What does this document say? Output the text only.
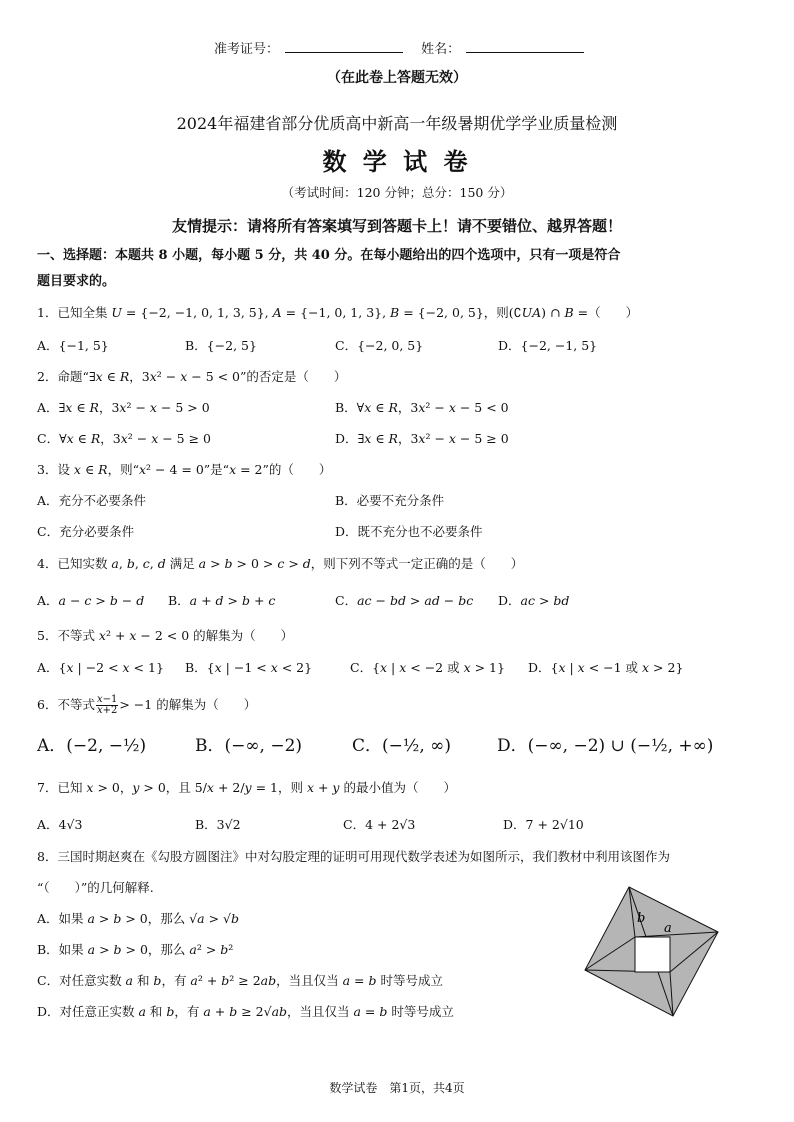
准考证号：	姓名：
（在此卷上答题无效）
2024年福建省部分优质高中新高一年级暑期优学学业质量检测
数 学 试 卷
（考试时间：120 分钟；总分：150 分）
友情提示：请将所有答案填写到答题卡上！请不要错位、越界答题！
一、选择题：本题共 8 小题，每小题 5 分，共 40 分。在每小题给出的四个选项中，只有一项是符合
题目要求的。
1．已知全集 𝑈 = {−2, −1, 0, 1, 3, 5}, 𝐴 = {−1, 0, 1, 3}, 𝐵 = {−2, 0, 5}，则(∁𝑈𝐴) ∩ 𝐵 =（　　）
A．{−1, 5}	B．{−2, 5}	C．{−2, 0, 5}	D．{−2, −1, 5}
2．命题“∃𝑥 ∈ 𝑅，3𝑥² − 𝑥 − 5 < 0”的否定是（　　）
A．∃𝑥 ∈ 𝑅，3𝑥² − 𝑥 − 5 > 0	B．∀𝑥 ∈ 𝑅，3𝑥² − 𝑥 − 5 < 0
C．∀𝑥 ∈ 𝑅，3𝑥² − 𝑥 − 5 ≥ 0	D．∃𝑥 ∈ 𝑅，3𝑥² − 𝑥 − 5 ≥ 0
3．设 𝑥 ∈ 𝑅，则“𝑥² − 4 = 0”是“𝑥 = 2”的（　　）
A．充分不必要条件	B．必要不充分条件
C．充分必要条件	D．既不充分也不必要条件
4．已知实数 𝑎, 𝑏, 𝑐, 𝑑 满足 𝑎 > 𝑏 > 0 > 𝑐 > 𝑑，则下列不等式一定正确的是（　　）
A．𝑎 − 𝑐 > 𝑏 − 𝑑 B．𝑎 + 𝑑 > 𝑏 + 𝑐	C．𝑎𝑐 − 𝑏𝑑 > 𝑎𝑑 − 𝑏𝑐 D．𝑎𝑐 > 𝑏𝑑
5．不等式 𝑥² + 𝑥 − 2 < 0 的解集为（　　）
A．{𝑥 | −2 < 𝑥 < 1} B．{𝑥 | −1 < 𝑥 < 2}	C．{𝑥 | 𝑥 < −2 或 𝑥 > 1} D．{𝑥 | 𝑥 < −1 或 𝑥 > 2}
6．不等式 $\frac{\text{𝑥−1}}{\text{𝑥+2}} > -1$ 的解集为（　　）
A．(−2, −½)	B．(−∞, −2)	C．(−½, ∞)	D．(−∞, −2) ∪ (−½, +∞)
7．已知 𝑥 > 0，𝑦 > 0，且 5/𝑥 + 2/𝑦 = 1，则 𝑥 + 𝑦 的最小值为（　　）
A．4√3	B．3√2	C．4 + 2√3	D．7 + 2√10
8．三国时期赵爽在《勾股方圆图注》中对勾股定理的证明可用现代数学表述为如图所示，我们教材中利用该图作为
“（　　）”的几何解释.
A．如果 𝑎 > 𝑏 > 0，那么 √𝑎 > √𝑏
B．如果 𝑎 > 𝑏 > 0，那么 𝑎² > 𝑏²
C．对任意实数 𝑎 和 𝑏，有 𝑎² + 𝑏² ≥ 2𝑎𝑏，当且仅当 𝑎 = 𝑏 时等号成立
D．对任意正实数 𝑎 和 𝑏，有 𝑎 + 𝑏 ≥ 2√𝑎𝑏，当且仅当 𝑎 = 𝑏 时等号成立
b
a
数学试卷　第1页，共4页
